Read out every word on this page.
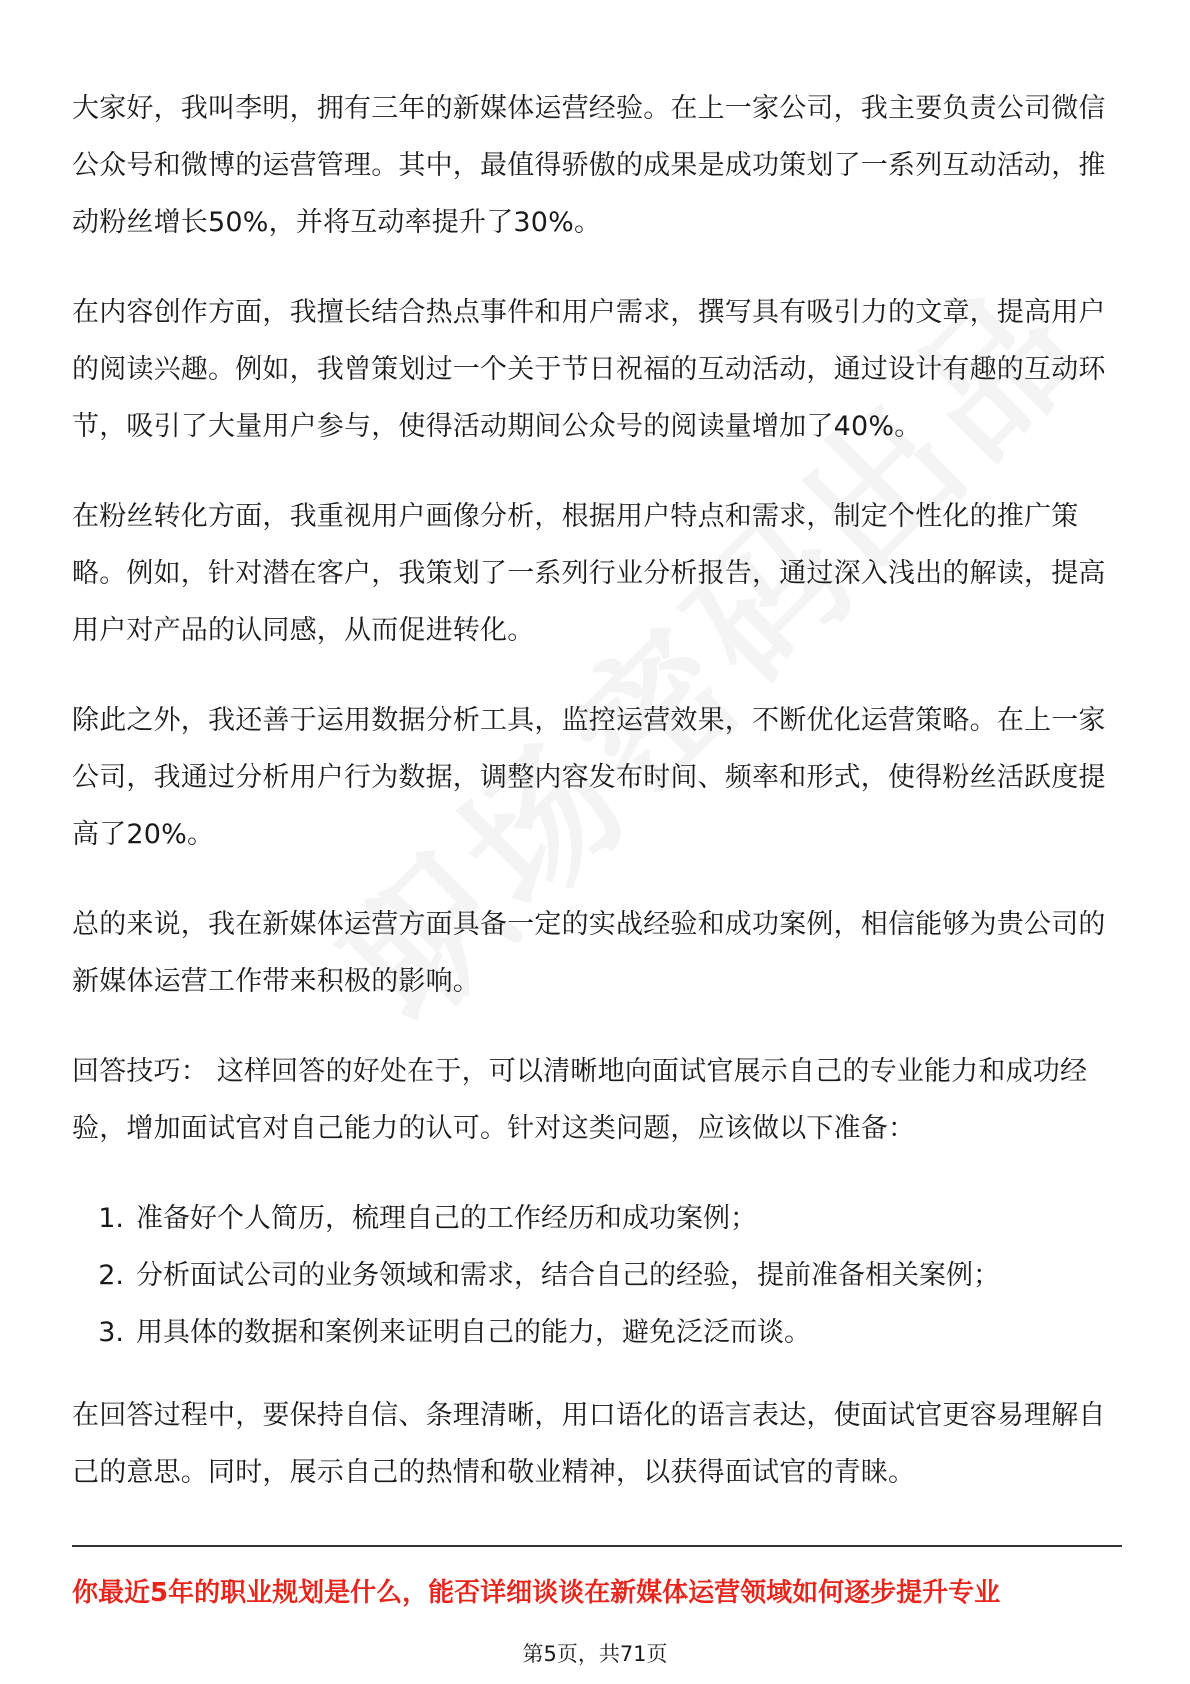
大家好，我叫李明，拥有三年的新媒体运营经验。在上一家公司，我主要负责公司微信公众号和微博的运营管理。其中，最值得骄傲的成果是成功策划了一系列互动活动，推动粉丝增长50%，并将互动率提升了30%。

在内容创作方面，我擅长结合热点事件和用户需求，撰写具有吸引力的文章，提高用户的阅读兴趣。例如，我曾策划过一个关于节日祝福的互动活动，通过设计有趣的互动环节，吸引了大量用户参与，使得活动期间公众号的阅读量增加了40%。

在粉丝转化方面，我重视用户画像分析，根据用户特点和需求，制定个性化的推广策略。例如，针对潜在客户，我策划了一系列行业分析报告，通过深入浅出的解读，提高用户对产品的认同感，从而促进转化。

除此之外，我还善于运用数据分析工具，监控运营效果，不断优化运营策略。在上一家公司，我通过分析用户行为数据，调整内容发布时间、频率和形式，使得粉丝活跃度提高了20%。

总的来说，我在新媒体运营方面具备一定的实战经验和成功案例，相信能够为贵公司的新媒体运营工作带来积极的影响。

回答技巧： 这样回答的好处在于，可以清晰地向面试官展示自己的专业能力和成功经验，增加面试官对自己能力的认可。针对这类问题，应该做以下准备：

1. 准备好个人简历，梳理自己的工作经历和成功案例；
2. 分析面试公司的业务领域和需求，结合自己的经验，提前准备相关案例；
3. 用具体的数据和案例来证明自己的能力，避免泛泛而谈。

在回答过程中，要保持自信、条理清晰，用口语化的语言表达，使面试官更容易理解自己的意思。同时，展示自己的热情和敬业精神，以获得面试官的青睐。

你最近5年的职业规划是什么，能否详细谈谈在新媒体运营领域如何逐步提升专业
第5页，共71页
